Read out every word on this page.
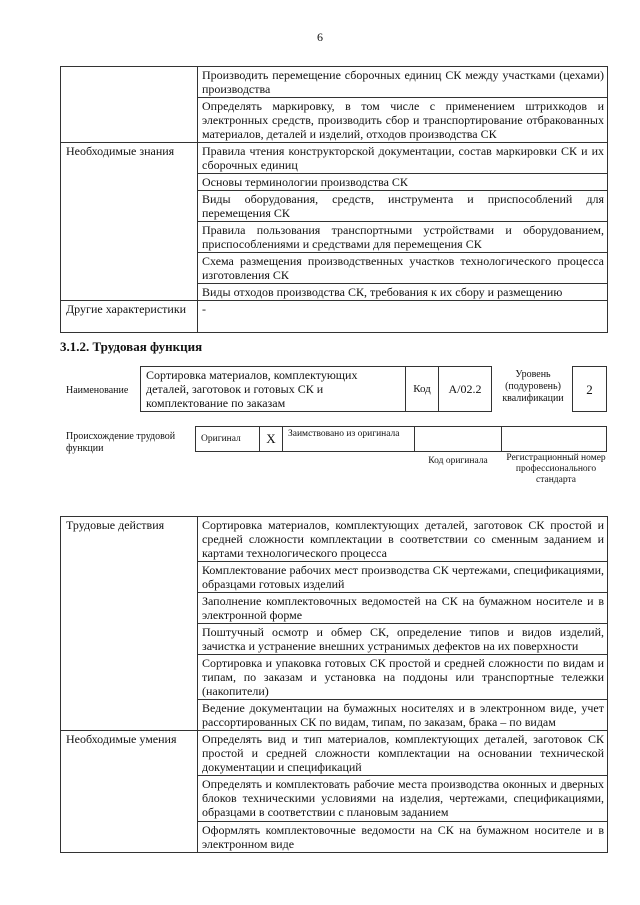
6
	Производить перемещение сборочных единиц СК между участками (цехами) производства
	Определять маркировку, в том числе с применением штрихкодов и электронных средств, производить сбор и транспортирование отбракованных материалов, деталей и изделий, отходов производства СК
Необходимые знания	Правила чтения конструкторской документации, состав маркировки СК и их сборочных единиц
	Основы терминологии производства СК
	Виды оборудования, средств, инструмента и приспособлений для перемещения СК
	Правила пользования транспортными устройствами и оборудованием, приспособлениями и средствами для перемещения СК
	Схема размещения производственных участков технологического процесса изготовления СК
	Виды отходов производства СК, требования к их сбору и размещению
Другие характеристики	-
3.1.2. Трудовая функция
Наименование
Сортировка материалов, комплектующих деталей, заготовок и готовых СК и комплектование по заказам
Код	A/02.2
Уровень (подуровень) квалификации
2
Происхождение трудовой функции
Оригинал	X	Заимствовано из оригинала
Код оригинала	Регистрационный номер профессионального стандарта
Трудовые действия	Сортировка материалов, комплектующих деталей, заготовок СК простой и средней сложности комплектации в соответствии со сменным заданием и картами технологического процесса
	Комплектование рабочих мест производства СК чертежами, спецификациями, образцами готовых изделий
	Заполнение комплектовочных ведомостей на СК на бумажном носителе и в электронной форме
	Поштучный осмотр и обмер СК, определение типов и видов изделий, зачистка и устранение внешних устранимых дефектов на их поверхности
	Сортировка и упаковка готовых СК простой и средней сложности по видам и типам, по заказам и установка на поддоны или транспортные тележки (накопители)
	Ведение документации на бумажных носителях и в электронном виде, учет рассортированных СК по видам, типам, по заказам, брака – по видам
Необходимые умения	Определять вид и тип материалов, комплектующих деталей, заготовок СК простой и средней сложности комплектации на основании технической документации и спецификаций
	Определять и комплектовать рабочие места производства оконных и дверных блоков техническими условиями на изделия, чертежами, спецификациями, образцами в соответствии с плановым заданием
	Оформлять комплектовочные ведомости на СК на бумажном носителе и в электронном виде
